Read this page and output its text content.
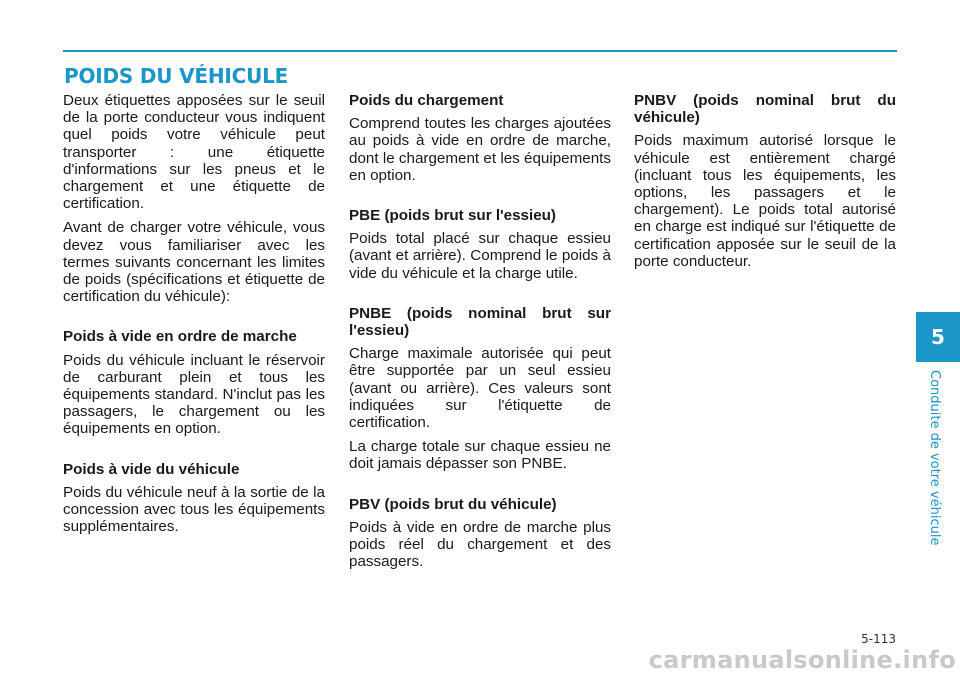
POIDS DU VÉHICULE

Deux étiquettes apposées sur le seuil de la porte conducteur vous indiquent quel poids votre véhicule peut transporter : une étiquette d'informations sur les pneus et le chargement et une étiquette de certification.

Avant de charger votre véhicule, vous devez vous familiariser avec les termes suivants concernant les limites de poids (spécifications et étiquette de certification du véhicule):

Poids à vide en ordre de marche

Poids du véhicule incluant le réservoir de carburant plein et tous les équipements standard. N'inclut pas les passagers, le chargement ou les équipements en option.

Poids à vide du véhicule

Poids du véhicule neuf à la sortie de la concession avec tous les équipements supplémentaires.

Poids du chargement

Comprend toutes les charges ajoutées au poids à vide en ordre de marche, dont le chargement et les équipements en option.

PBE (poids brut sur l'essieu)

Poids total placé sur chaque essieu (avant et arrière). Comprend le poids à vide du véhicule et la charge utile.

PNBE (poids nominal brut sur l'essieu)

Charge maximale autorisée qui peut être supportée par un seul essieu (avant ou arrière). Ces valeurs sont indiquées sur l'étiquette de certification.

La charge totale sur chaque essieu ne doit jamais dépasser son PNBE.

PBV (poids brut du véhicule)

Poids à vide en ordre de marche plus poids réel du chargement et des passagers.

PNBV (poids nominal brut du véhicule)

Poids maximum autorisé lorsque le véhicule est entièrement chargé (incluant tous les équipements, les options, les passagers et le chargement). Le poids total autorisé en charge est indiqué sur l'étiquette de certification apposée sur le seuil de la porte conducteur.

5
Conduite de votre véhicule
5-113
carmanualsonline.info
